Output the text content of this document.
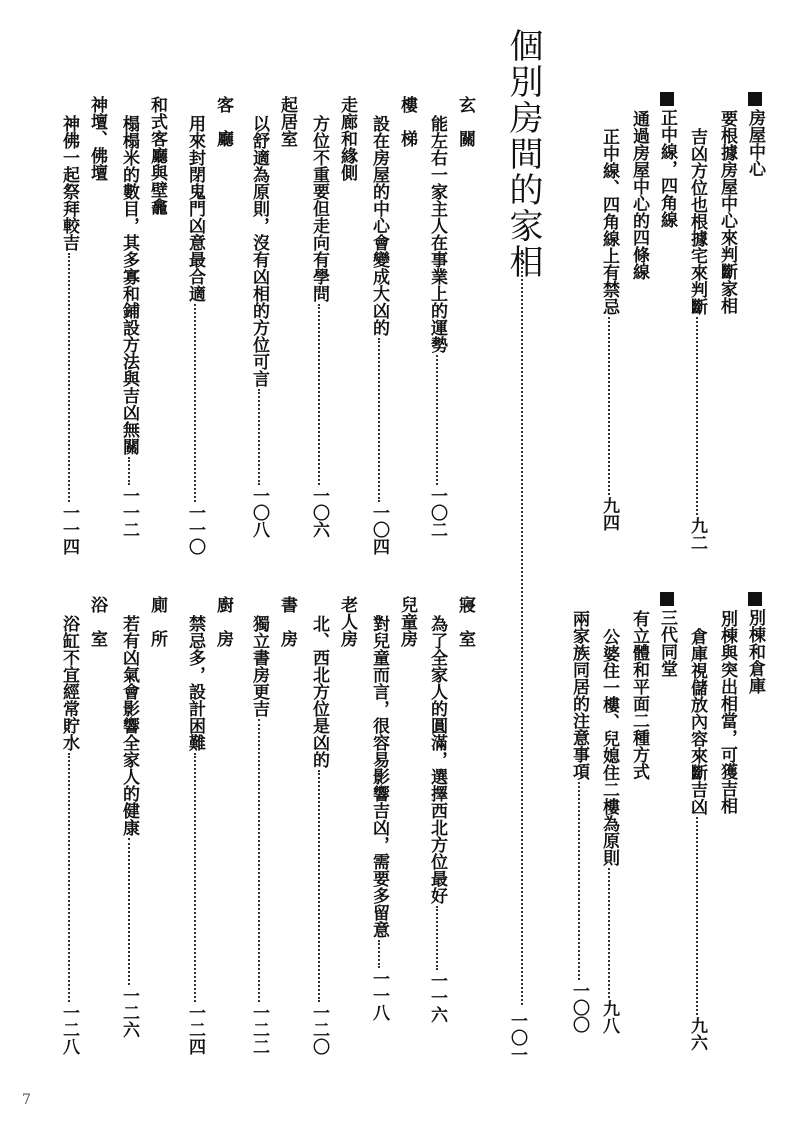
房屋中心
要根據房屋中心來判斷家相
吉凶方位也根據宅來判斷九二
正中線，四角線
通過房屋中心的四條線
正中線、四角線上有禁忌九四
個別房間的家相
一〇一
玄　關
能左右一家主人在事業上的運勢一〇二
樓　梯
設在房屋的中心會變成大凶的一〇四
走廊和緣側
方位不重要但走向有學問一〇六
起居室
以舒適為原則，沒有凶相的方位可言一〇八
客　廳
用來封閉鬼門凶意最合適一一〇
和式客廳與壁龕
榻榻米的數目，其多寡和鋪設方法與吉凶無關一一二
神壇、佛壇
神佛一起祭拜較吉一一四
別棟和倉庫
別棟與突出相當，可獲吉相
倉庫視儲放內容來斷吉凶九六
三代同堂
有立體和平面二種方式
公婆住一樓、兒媳住二樓為原則九八
兩家族同居的注意事項一〇〇
寢　室
為了全家人的圓滿，選擇西北方位最好一一六
兒童房
對兒童而言，很容易影響吉凶，需要多留意一一八
老人房
北、西北方位是凶的一二〇
書　房
獨立書房更吉一二二
廚　房
禁忌多，設計困難一二四
廁　所
若有凶氣會影響全家人的健康一二六
浴　室
浴缸不宜經常貯水一二八
7
